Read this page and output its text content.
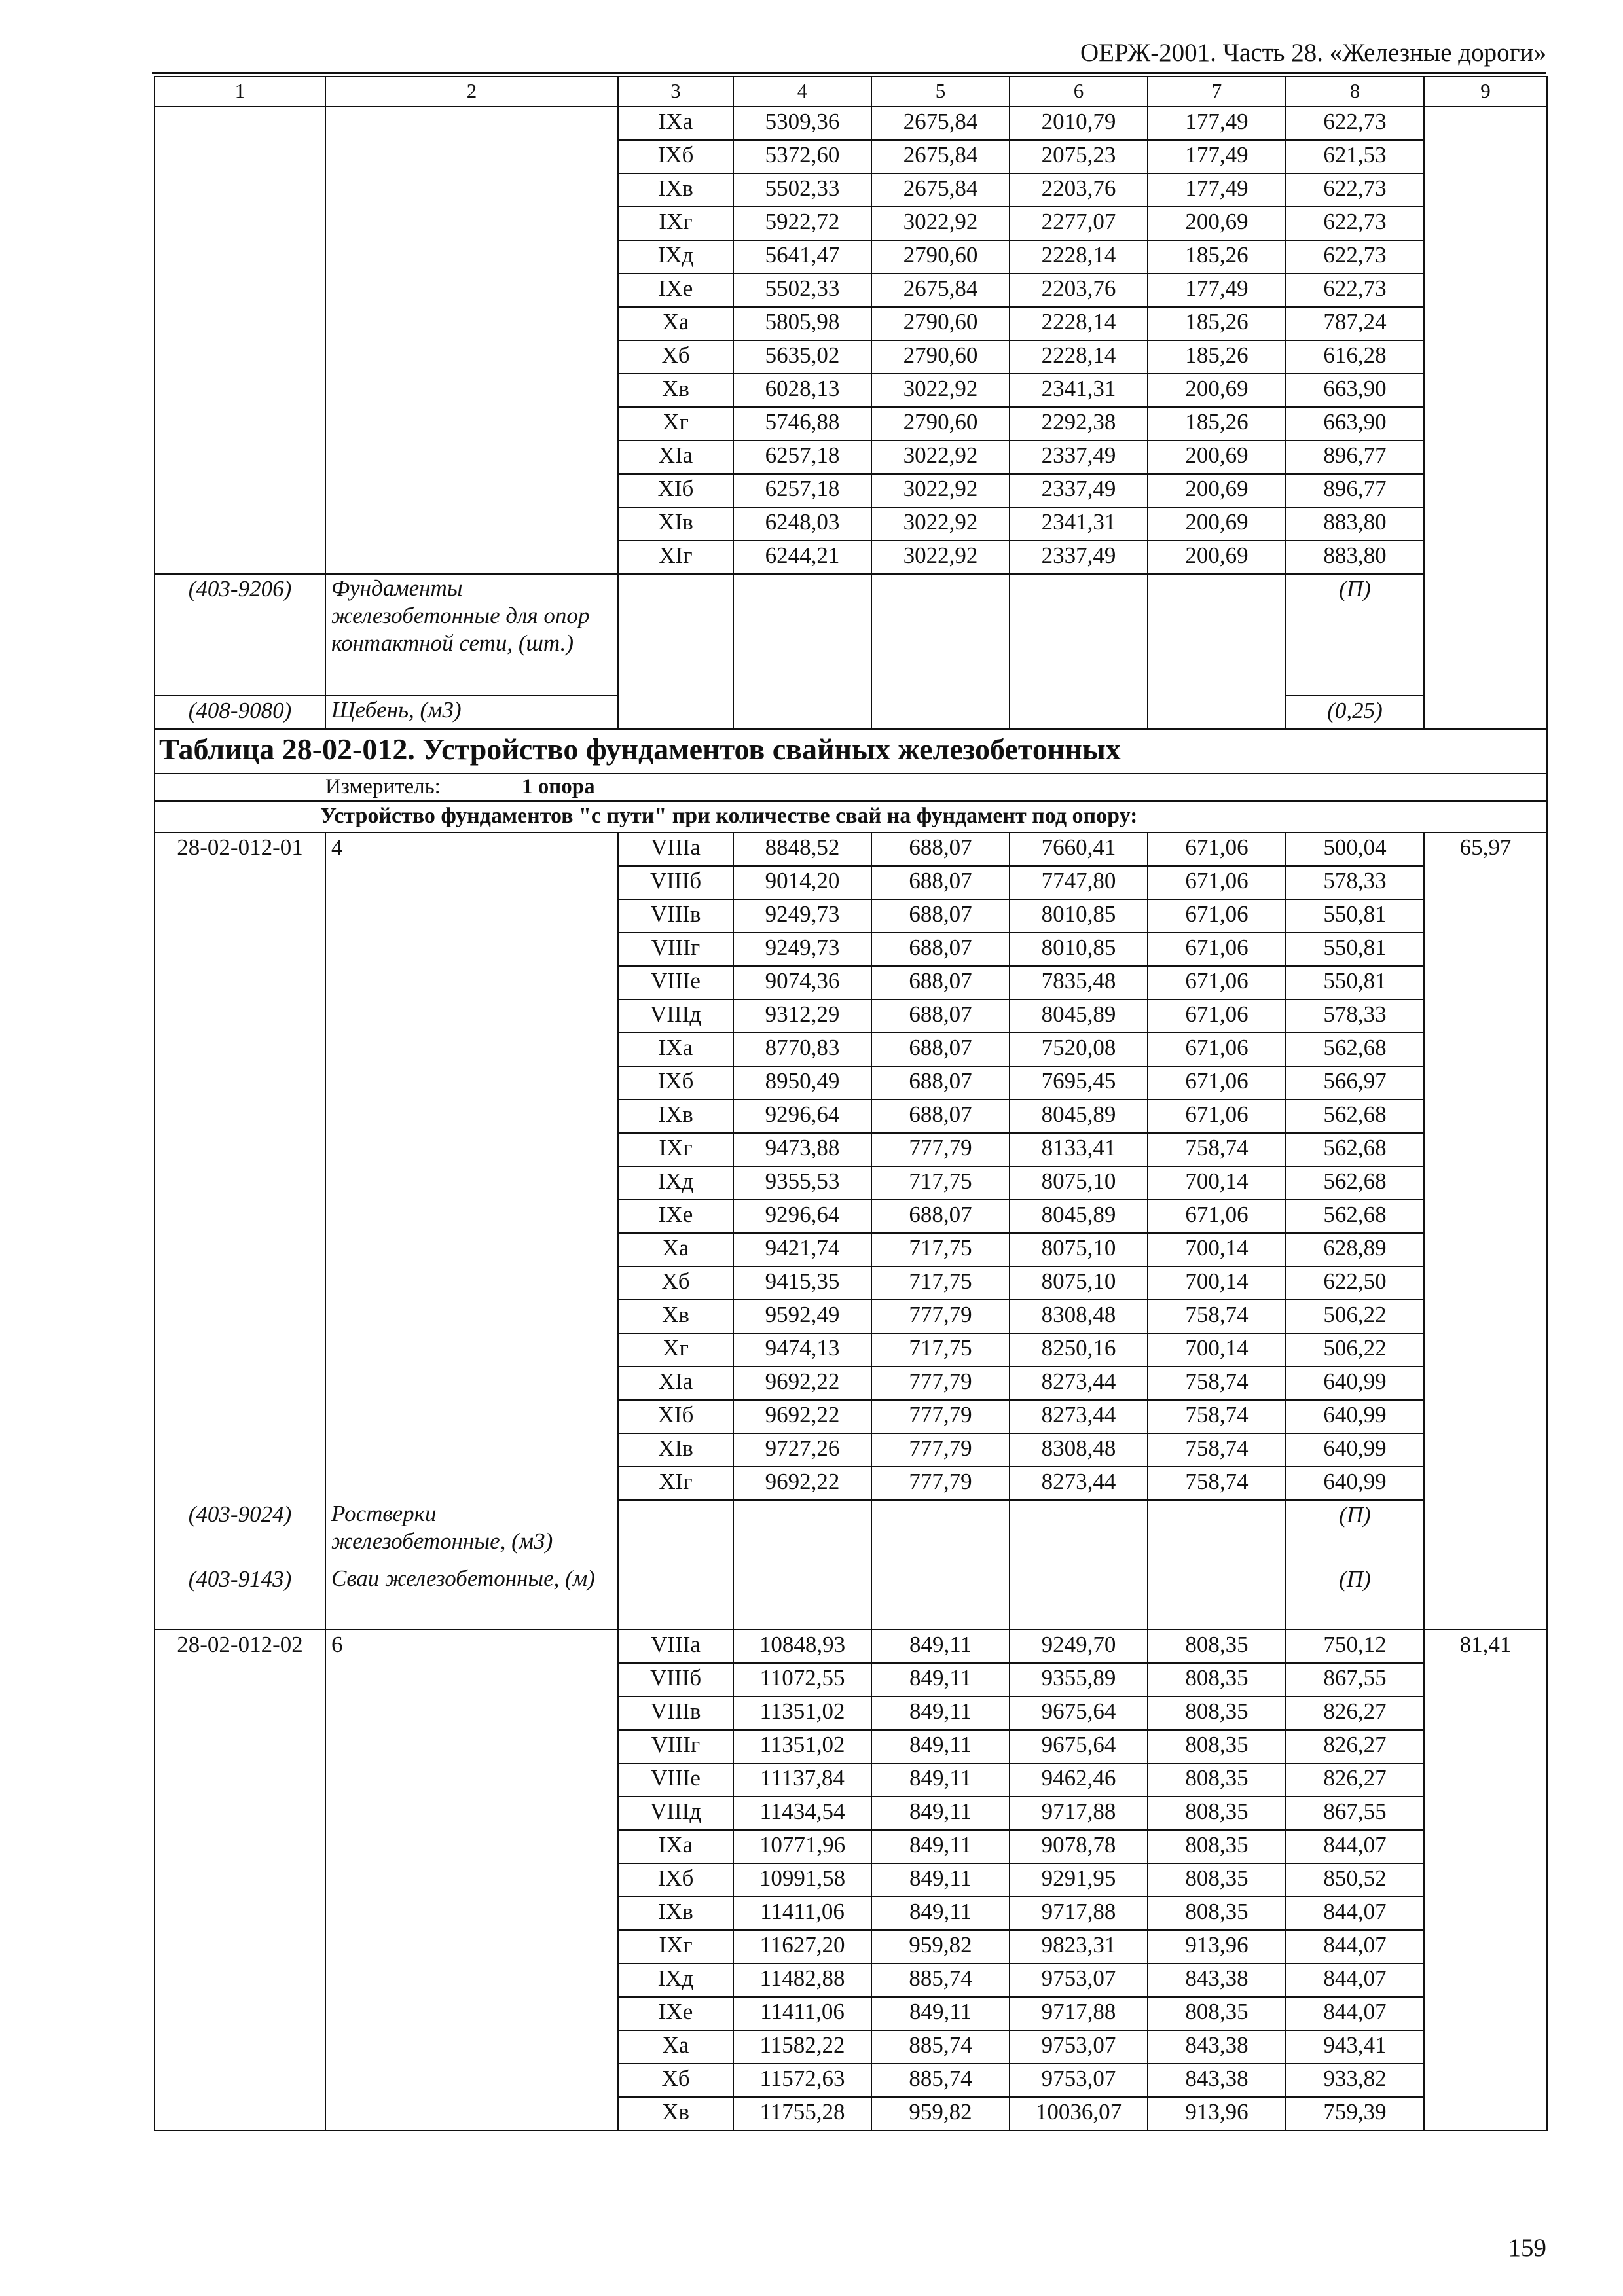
ОЕРЖ-2001. Часть 28. «Железные дороги»
1	2	3	4	5	6	7	8	9
		IXа	5309,36	2675,84	2010,79	177,49	622,73	
		IXб	5372,60	2675,84	2075,23	177,49	621,53	
		IXв	5502,33	2675,84	2203,76	177,49	622,73	
		IXг	5922,72	3022,92	2277,07	200,69	622,73	
		IXд	5641,47	2790,60	2228,14	185,26	622,73	
		IXе	5502,33	2675,84	2203,76	177,49	622,73	
		Xа	5805,98	2790,60	2228,14	185,26	787,24	
		Xб	5635,02	2790,60	2228,14	185,26	616,28	
		Xв	6028,13	3022,92	2341,31	200,69	663,90	
		Xг	5746,88	2790,60	2292,38	185,26	663,90	
		XIа	6257,18	3022,92	2337,49	200,69	896,77	
		XIб	6257,18	3022,92	2337,49	200,69	896,77	
		XIв	6248,03	3022,92	2341,31	200,69	883,80	
		XIг	6244,21	3022,92	2337,49	200,69	883,80	
(403-9206)	Фундаменты железобетонные для опор контактной сети, (шт.)						(П)	
(408-9080)	Щебень, (м3)						(0,25)	
Таблица 28-02-012. Устройство фундаментов свайных железобетонных								
Измеритель: 1 опора								
Устройство фундаментов "с пути" при количестве свай на фундамент под опору:								
28-02-012-01	4	VIIIа	8848,52	688,07	7660,41	671,06	500,04	65,97
		VIIIб	9014,20	688,07	7747,80	671,06	578,33	
		VIIIв	9249,73	688,07	8010,85	671,06	550,81	
		VIIIг	9249,73	688,07	8010,85	671,06	550,81	
		VIIIе	9074,36	688,07	7835,48	671,06	550,81	
		VIIIд	9312,29	688,07	8045,89	671,06	578,33	
		IXа	8770,83	688,07	7520,08	671,06	562,68	
		IXб	8950,49	688,07	7695,45	671,06	566,97	
		IXв	9296,64	688,07	8045,89	671,06	562,68	
		IXг	9473,88	777,79	8133,41	758,74	562,68	
		IXд	9355,53	717,75	8075,10	700,14	562,68	
		IXе	9296,64	688,07	8045,89	671,06	562,68	
		Xа	9421,74	717,75	8075,10	700,14	628,89	
		Xб	9415,35	717,75	8075,10	700,14	622,50	
		Xв	9592,49	777,79	8308,48	758,74	506,22	
		Xг	9474,13	717,75	8250,16	700,14	506,22	
		XIа	9692,22	777,79	8273,44	758,74	640,99	
		XIб	9692,22	777,79	8273,44	758,74	640,99	
		XIв	9727,26	777,79	8308,48	758,74	640,99	
		XIг	9692,22	777,79	8273,44	758,74	640,99	
(403-9024)	Ростверки железобетонные, (м3)						(П)	
(403-9143)	Сваи железобетонные, (м)						(П)	
28-02-012-02	6	VIIIа	10848,93	849,11	9249,70	808,35	750,12	81,41
		VIIIб	11072,55	849,11	9355,89	808,35	867,55	
		VIIIв	11351,02	849,11	9675,64	808,35	826,27	
		VIIIг	11351,02	849,11	9675,64	808,35	826,27	
		VIIIе	11137,84	849,11	9462,46	808,35	826,27	
		VIIIд	11434,54	849,11	9717,88	808,35	867,55	
		IXа	10771,96	849,11	9078,78	808,35	844,07	
		IXб	10991,58	849,11	9291,95	808,35	850,52	
		IXв	11411,06	849,11	9717,88	808,35	844,07	
		IXг	11627,20	959,82	9823,31	913,96	844,07	
		IXд	11482,88	885,74	9753,07	843,38	844,07	
		IXе	11411,06	849,11	9717,88	808,35	844,07	
		Xа	11582,22	885,74	9753,07	843,38	943,41	
		Xб	11572,63	885,74	9753,07	843,38	933,82	
		Xв	11755,28	959,82	10036,07	913,96	759,39	
159
